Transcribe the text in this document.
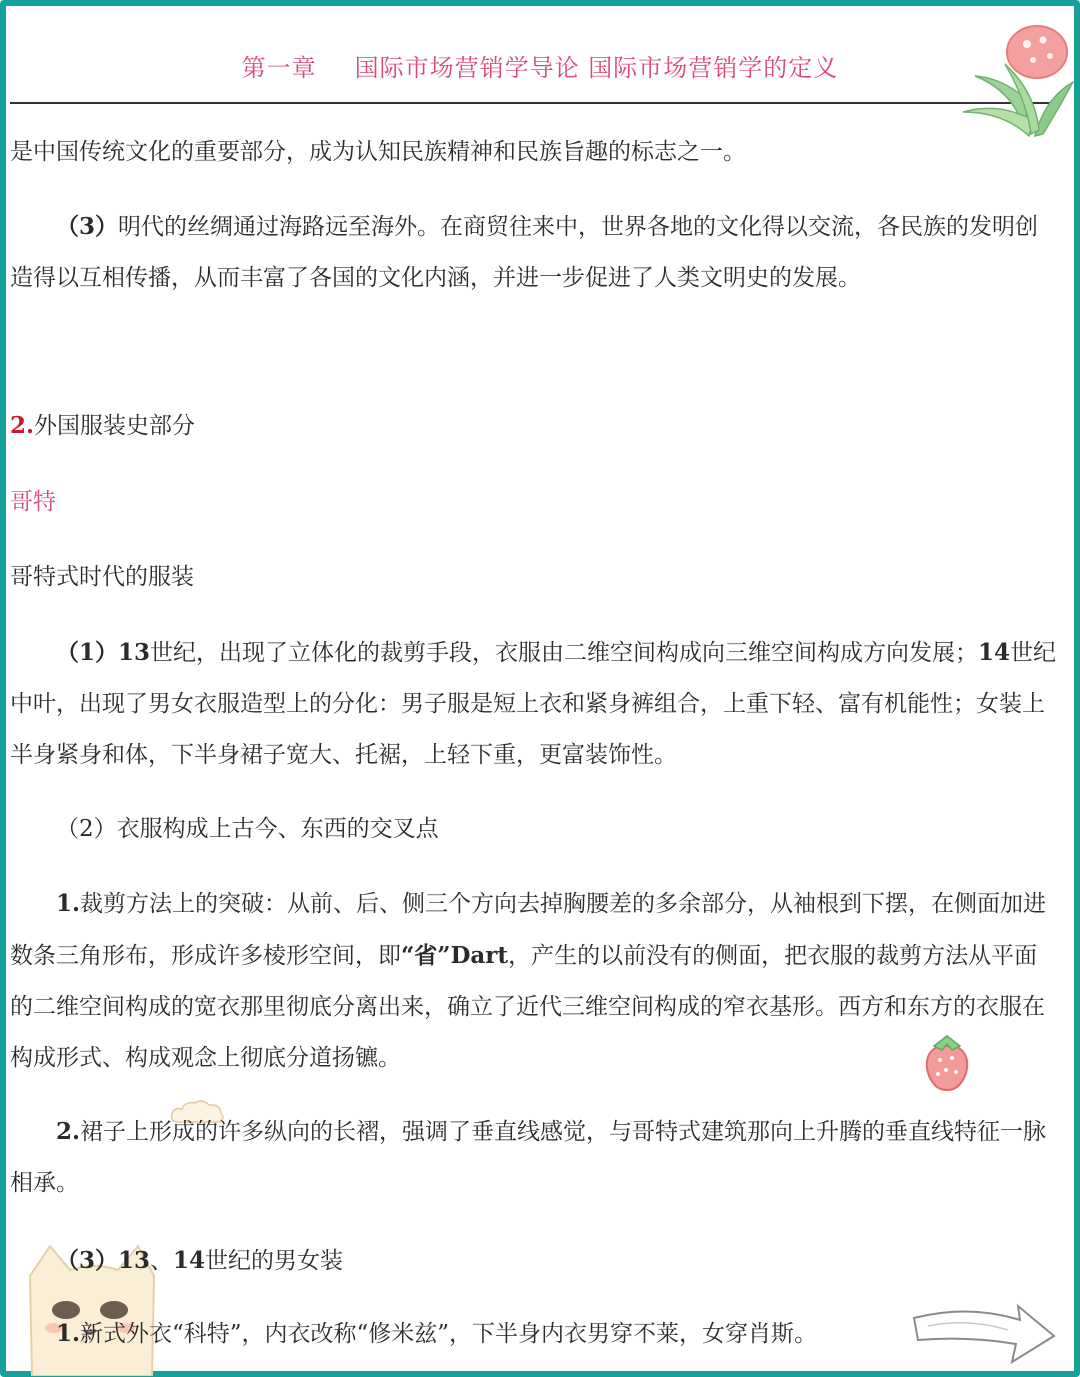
第一章 国际市场营销学导论 国际市场营销学的定义

是中国传统文化的重要部分，成为认知民族精神和民族旨趣的标志之一。

（3）明代的丝绸通过海路远至海外。在商贸往来中，世界各地的文化得以交流，各民族的发明创造得以互相传播，从而丰富了各国的文化内涵，并进一步促进了人类文明史的发展。

2.外国服装史部分

哥特

哥特式时代的服装

（1）13世纪，出现了立体化的裁剪手段，衣服由二维空间构成向三维空间构成方向发展；14世纪中叶，出现了男女衣服造型上的分化：男子服是短上衣和紧身裤组合，上重下轻、富有机能性；女装上半身紧身和体，下半身裙子宽大、托裾，上轻下重，更富装饰性。

（2）衣服构成上古今、东西的交叉点

1.裁剪方法上的突破：从前、后、侧三个方向去掉胸腰差的多余部分，从袖根到下摆，在侧面加进数条三角形布，形成许多棱形空间，即“省”Dart，产生的以前没有的侧面，把衣服的裁剪方法从平面的二维空间构成的宽衣那里彻底分离出来，确立了近代三维空间构成的窄衣基形。西方和东方的衣服在构成形式、构成观念上彻底分道扬镳。

2.裙子上形成的许多纵向的长褶，强调了垂直线感觉，与哥特式建筑那向上升腾的垂直线特征一脉相承。

（3）13、14世纪的男女装

1.新式外衣“科特”，内衣改称“修米兹”，下半身内衣男穿不莱，女穿肖斯。
